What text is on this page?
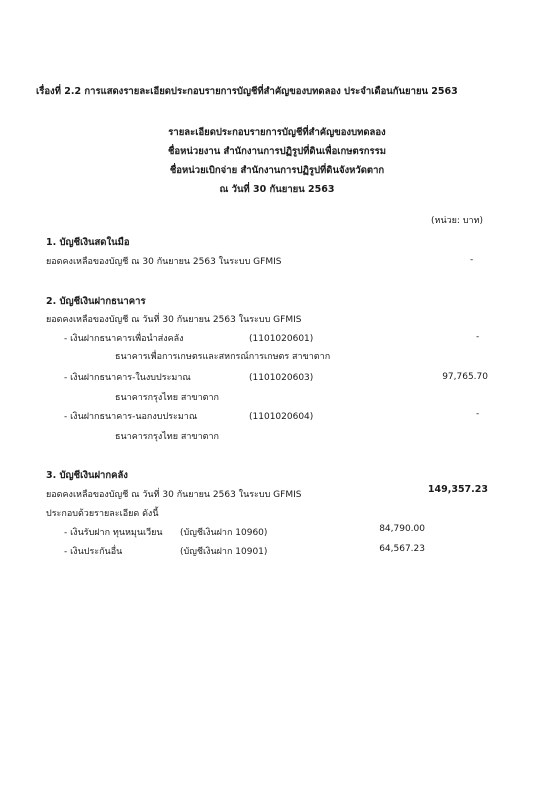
เรื่องที่ 2.2 การแสดงรายละเอียดประกอบรายการบัญชีที่สำคัญของบทดลอง ประจำเดือนกันยายน 2563
รายละเอียดประกอบรายการบัญชีที่สำคัญของบทดลอง
ชื่อหน่วยงาน สำนักงานการปฏิรูปที่ดินเพื่อเกษตรกรรม
ชื่อหน่วยเบิกจ่าย สำนักงานการปฏิรูปที่ดินจังหวัดตาก
ณ วันที่ 30 กันยายน 2563
(หน่วย: บาท)
1. บัญชีเงินสดในมือ
ยอดคงเหลือของบัญชี ณ 30 กันยายน 2563 ในระบบ GFMIS	-
2. บัญชีเงินฝากธนาคาร
ยอดคงเหลือของบัญชี ณ วันที่ 30 กันยายน 2563 ในระบบ GFMIS
- เงินฝากธนาคารเพื่อนำส่งคลัง	(1101020601)	-
ธนาคารเพื่อการเกษตรและสหกรณ์การเกษตร สาขาตาก
- เงินฝากธนาคาร-ในงบประมาณ	(1101020603)	97,765.70
ธนาคารกรุงไทย สาขาตาก
- เงินฝากธนาคาร-นอกงบประมาณ	(1101020604)	-
ธนาคารกรุงไทย สาขาตาก
3. บัญชีเงินฝากคลัง
ยอดคงเหลือของบัญชี ณ วันที่ 30 กันยายน 2563 ในระบบ GFMIS	149,357.23
ประกอบด้วยรายละเอียด ดังนี้
- เงินรับฝาก ทุนหมุนเวียน (บัญชีเงินฝาก 10960)	84,790.00
- เงินประกันอื่น	(บัญชีเงินฝาก 10901)	64,567.23
